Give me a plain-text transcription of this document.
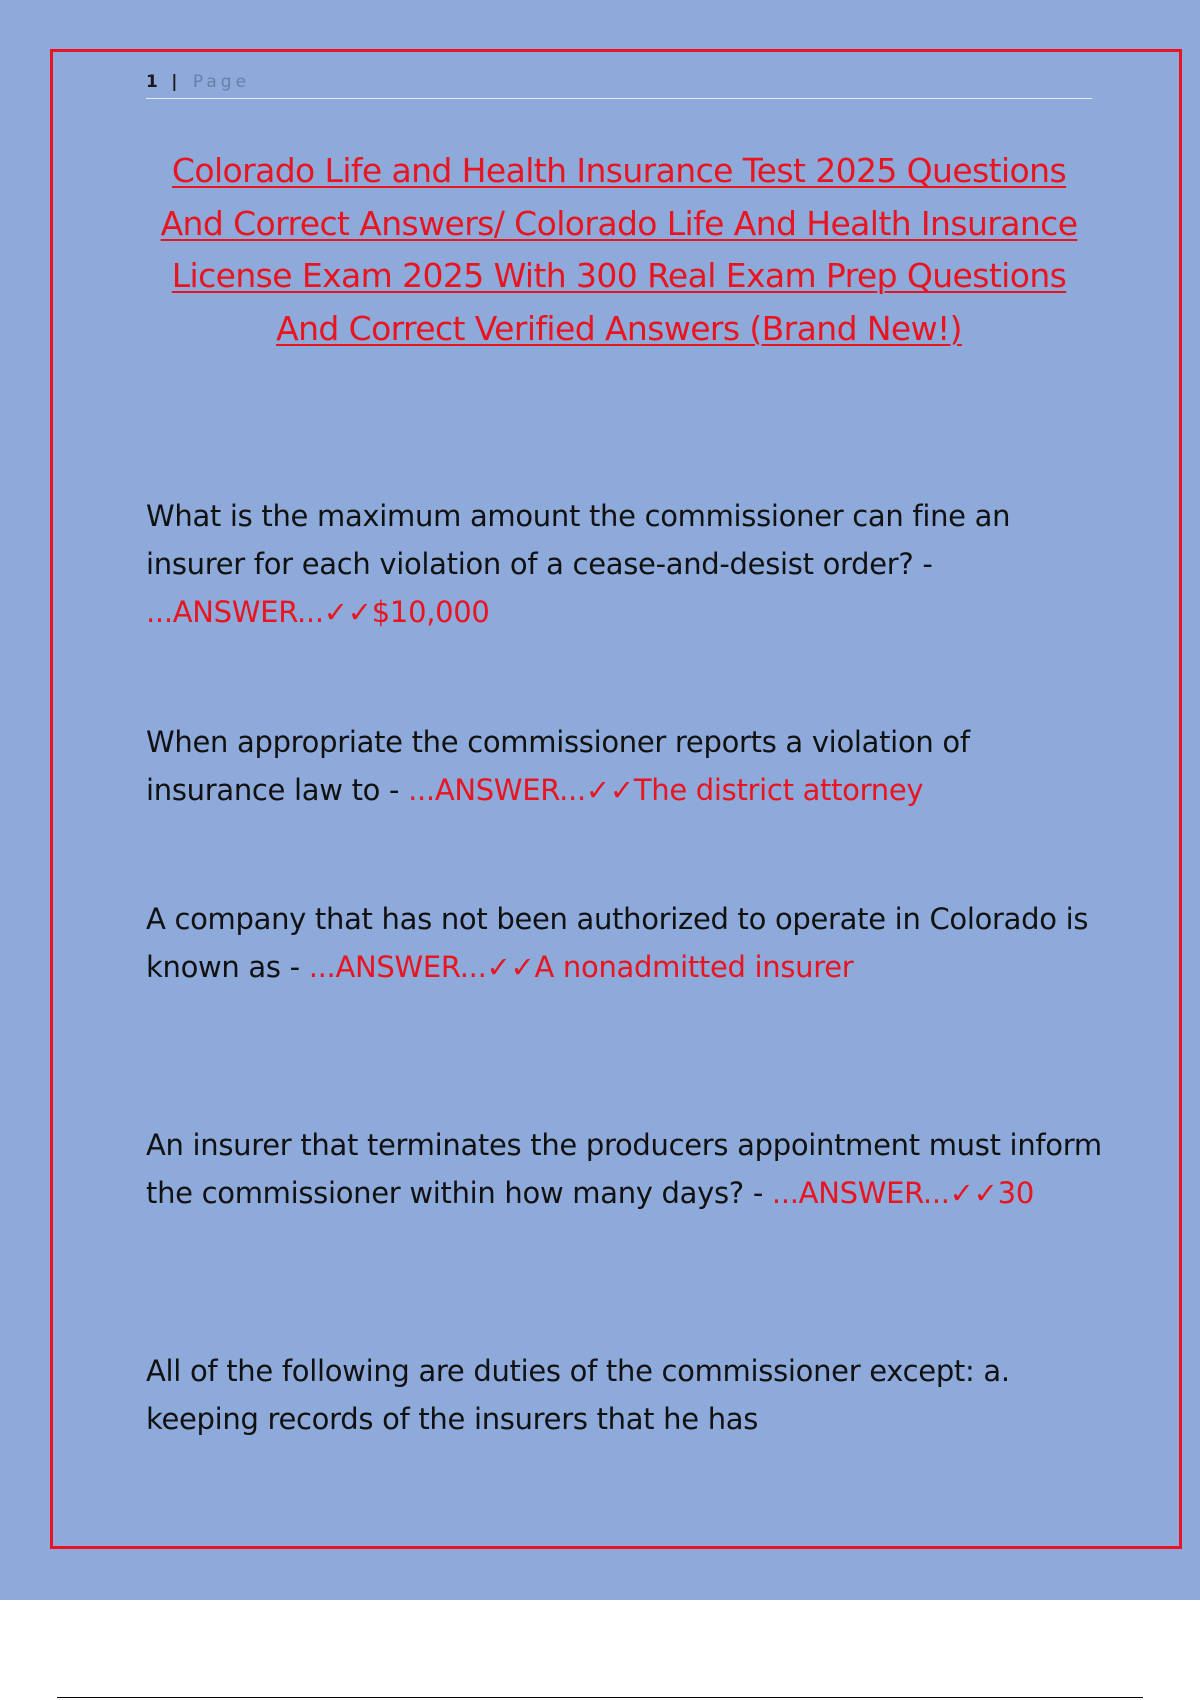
1 | Page
Colorado Life and Health Insurance Test 2025 Questions And Correct Answers/ Colorado Life And Health Insurance License Exam 2025 With 300 Real Exam Prep Questions And Correct Verified Answers (Brand New!)
What is the maximum amount the commissioner can fine an insurer for each violation of a cease-and-desist order? - ...ANSWER...✓✓$10,000
When appropriate the commissioner reports a violation of insurance law to - ...ANSWER...✓✓The district attorney
A company that has not been authorized to operate in Colorado is known as - ...ANSWER...✓✓A nonadmitted insurer
An insurer that terminates the producers appointment must inform the commissioner within how many days? - ...ANSWER...✓✓30
All of the following are duties of the commissioner except: a. keeping records of the insurers that he has
